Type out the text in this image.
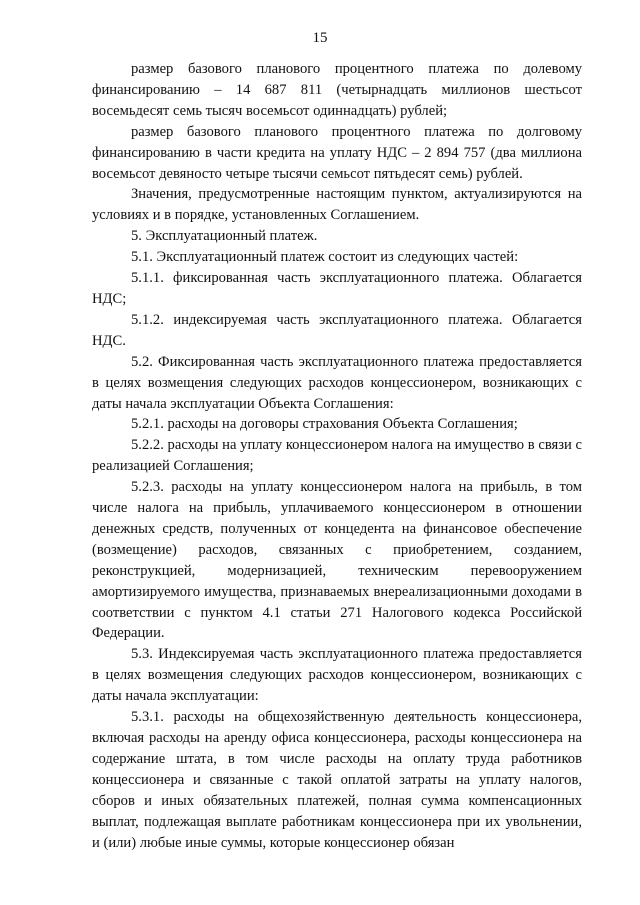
15

размер базового планового процентного платежа по долевому финансированию – 14 687 811 (четырнадцать миллионов шестьсот восемьдесят семь тысяч восемьсот одиннадцать) рублей;

размер базового планового процентного платежа по долговому финансированию в части кредита на уплату НДС – 2 894 757 (два миллиона восемьсот девяносто четыре тысячи семьсот пятьдесят семь) рублей.

Значения, предусмотренные настоящим пунктом, актуализируются на условиях и в порядке, установленных Соглашением.

5. Эксплуатационный платеж.

5.1. Эксплуатационный платеж состоит из следующих частей:

5.1.1. фиксированная часть эксплуатационного платежа. Облагается НДС;

5.1.2. индексируемая часть эксплуатационного платежа. Облагается НДС.

5.2. Фиксированная часть эксплуатационного платежа предоставляется в целях возмещения следующих расходов концессионером, возникающих с даты начала эксплуатации Объекта Соглашения:

5.2.1. расходы на договоры страхования Объекта Соглашения;

5.2.2. расходы на уплату концессионером налога на имущество в связи с реализацией Соглашения;

5.2.3. расходы на уплату концессионером налога на прибыль, в том числе налога на прибыль, уплачиваемого концессионером в отношении денежных средств, полученных от концедента на финансовое обеспечение (возмещение) расходов, связанных с приобретением, созданием, реконструкцией, модернизацией, техническим перевооружением амортизируемого имущества, признаваемых внереализационными доходами в соответствии с пунктом 4.1 статьи 271 Налогового кодекса Российской Федерации.

5.3. Индексируемая часть эксплуатационного платежа предоставляется в целях возмещения следующих расходов концессионером, возникающих с даты начала эксплуатации:

5.3.1. расходы на общехозяйственную деятельность концессионера, включая расходы на аренду офиса концессионера, расходы концессионера на содержание штата, в том числе расходы на оплату труда работников концессионера и связанные с такой оплатой затраты на уплату налогов, сборов и иных обязательных платежей, полная сумма компенсационных выплат, подлежащая выплате работникам концессионера при их увольнении, и (или) любые иные суммы, которые концессионер обязан
